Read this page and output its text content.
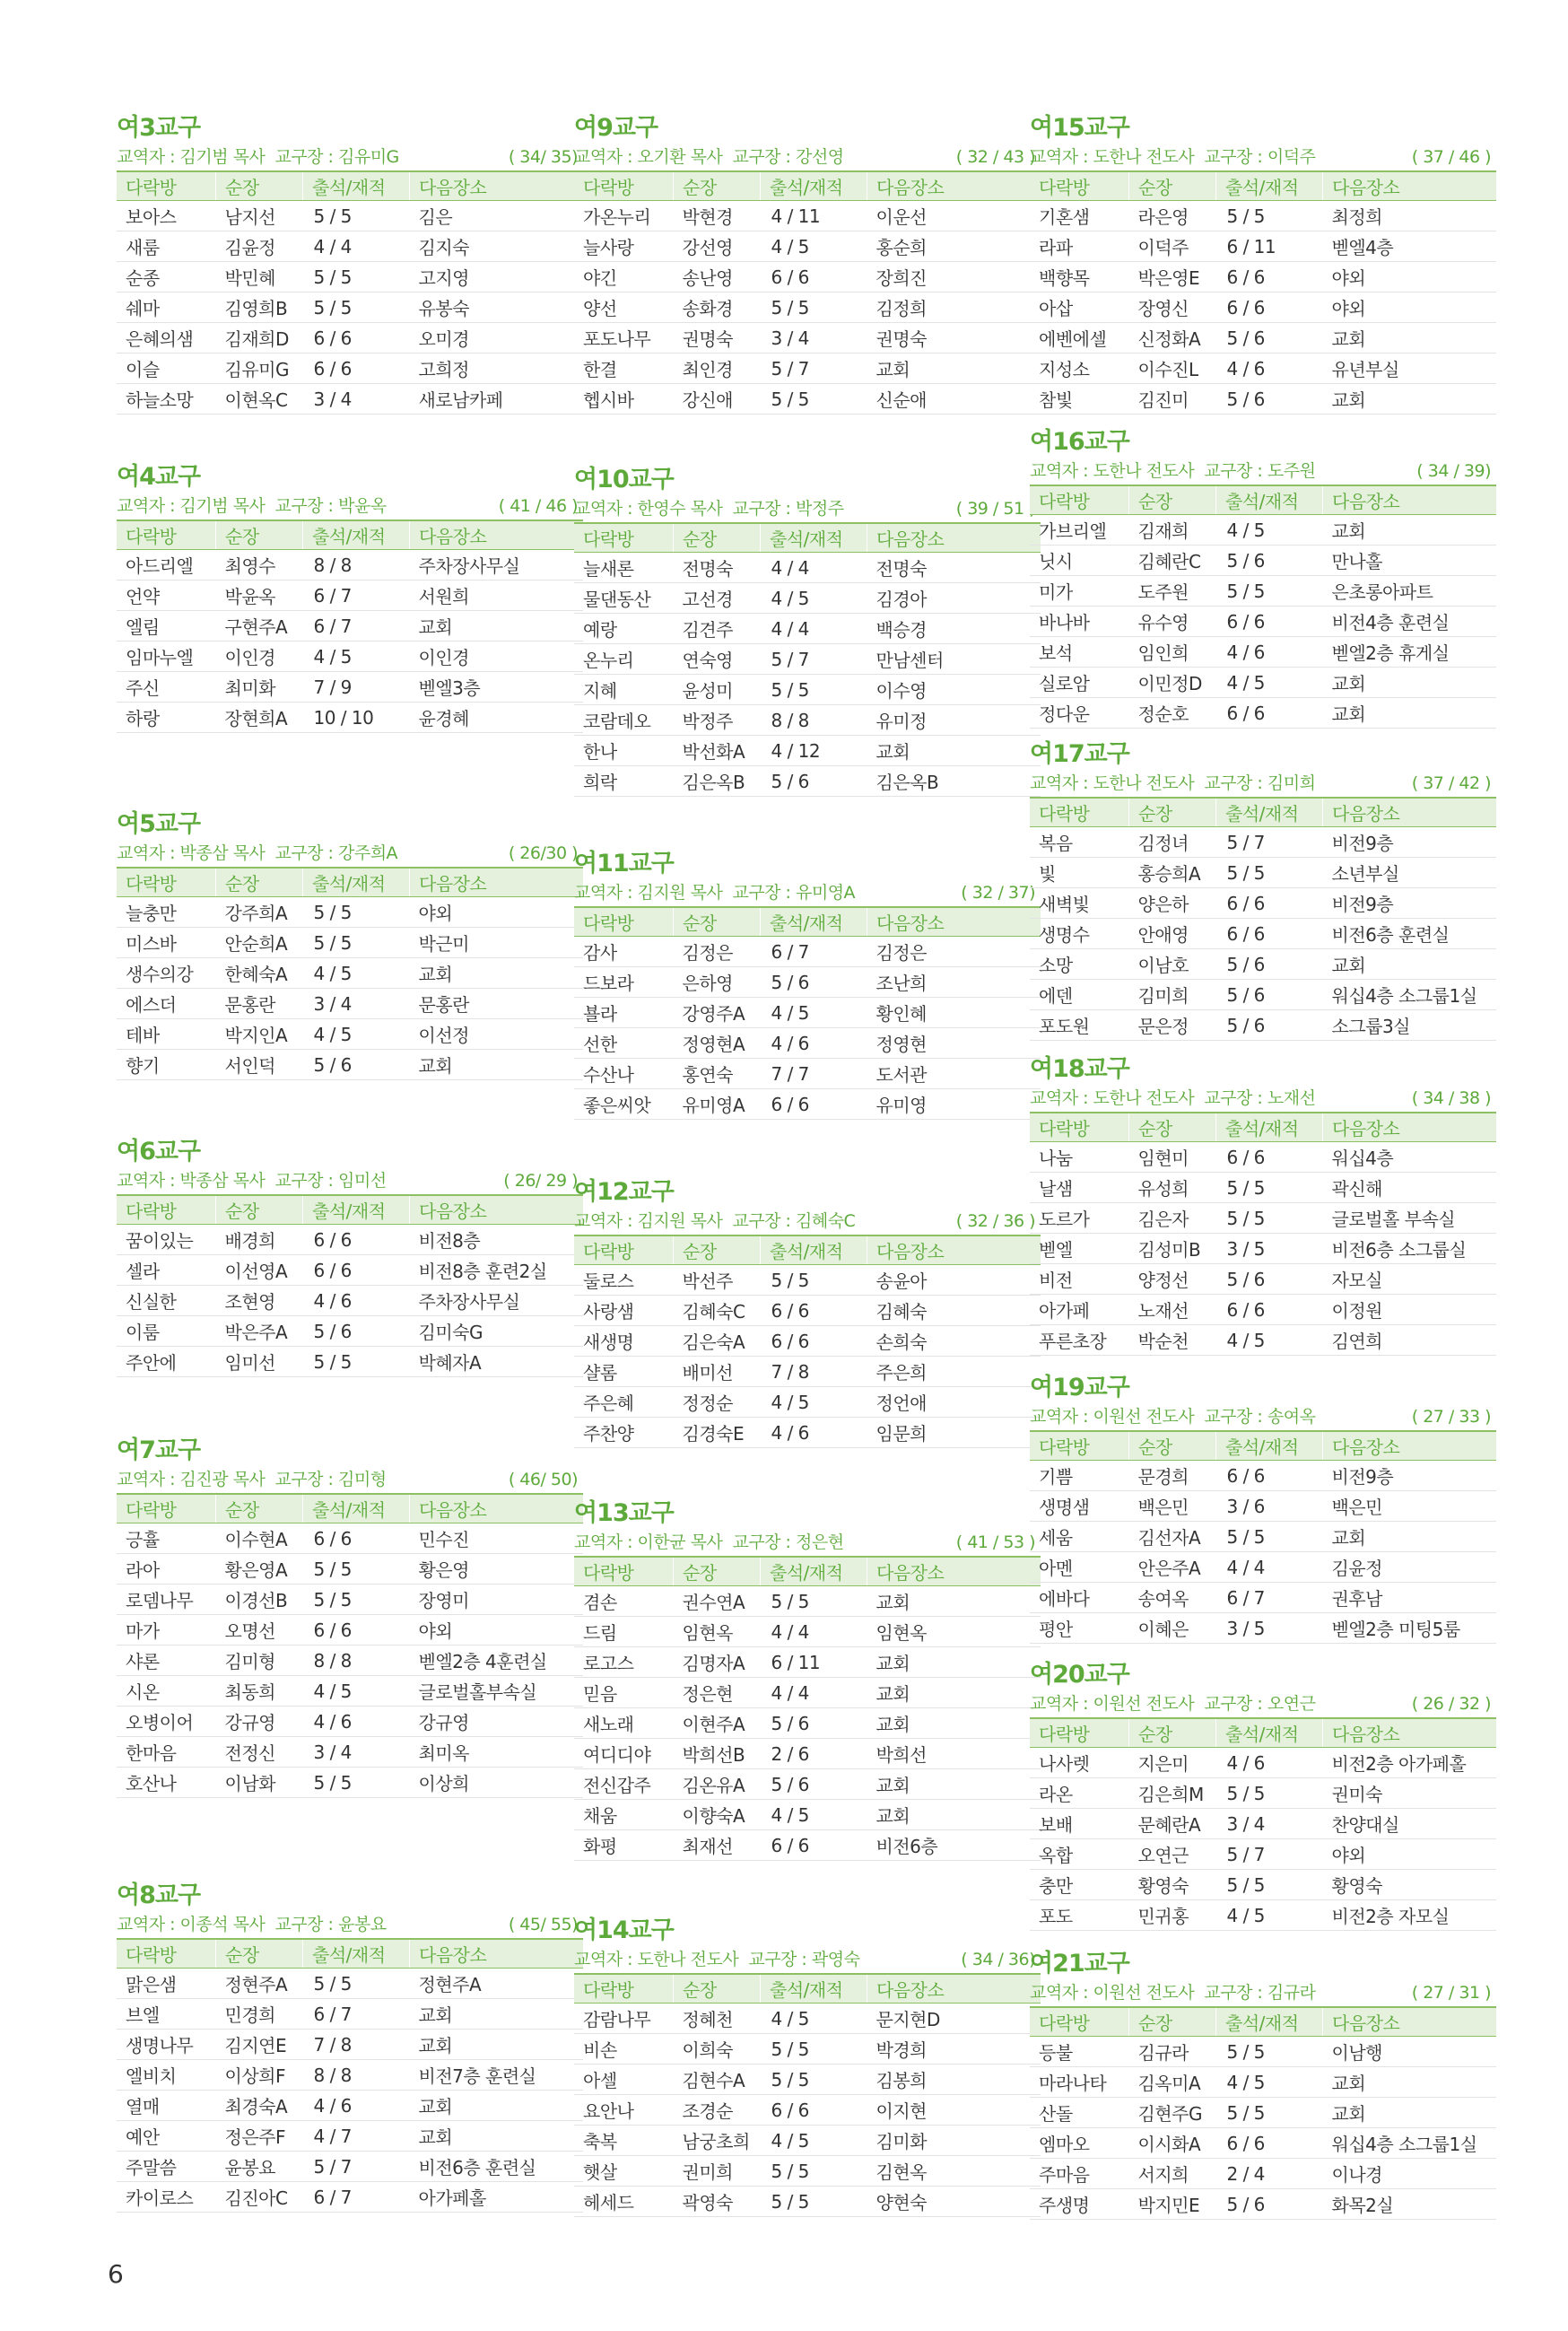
여3교구
교역자 : 김기범 목사 교구장 : 김유미G	( 34/ 35)
다락방	순장	출석/재적	다음장소
보아스	남지선	5 / 5	김은
새룸	김윤정	4 / 4	김지숙
순종	박민혜	5 / 5	고지영
쉐마	김영희B	5 / 5	유봉숙
은혜의샘	김재희D	6 / 6	오미경
이슬	김유미G	6 / 6	고희정
하늘소망	이현옥C	3 / 4	새로남카페
여4교구
교역자 : 김기범 목사 교구장 : 박윤옥	( 41 / 46 )
다락방	순장	출석/재적	다음장소
아드리엘	최영수	8 / 8	주차장사무실
언약	박윤옥	6 / 7	서원희
엘림	구현주A	6 / 7	교회
임마누엘	이인경	4 / 5	이인경
주신	최미화	7 / 9	벧엘3층
하랑	장현희A	10 / 10	윤경혜
여5교구
교역자 : 박종삼 목사 교구장 : 강주희A	( 26/30 )
다락방	순장	출석/재적	다음장소
늘충만	강주희A	5 / 5	야외
미스바	안순희A	5 / 5	박근미
생수의강	한혜숙A	4 / 5	교회
에스더	문홍란	3 / 4	문홍란
테바	박지인A	4 / 5	이선정
향기	서인덕	5 / 6	교회
여6교구
교역자 : 박종삼 목사 교구장 : 임미선	( 26/ 29 )
다락방	순장	출석/재적	다음장소
꿈이있는	배경희	6 / 6	비전8층
셀라	이선영A	6 / 6	비전8층 훈련2실
신실한	조현영	4 / 6	주차장사무실
이룸	박은주A	5 / 6	김미숙G
주안에	임미선	5 / 5	박혜자A
여7교구
교역자 : 김진광 목사 교구장 : 김미형	( 46/ 50)
다락방	순장	출석/재적	다음장소
긍휼	이수현A	6 / 6	민수진
라아	황은영A	5 / 5	황은영
로뎀나무	이경선B	5 / 5	장영미
마가	오명선	6 / 6	야외
샤론	김미형	8 / 8	벧엘2층 4훈련실
시온	최동희	4 / 5	글로벌홀부속실
오병이어	강규영	4 / 6	강규영
한마음	전정신	3 / 4	최미옥
호산나	이남화	5 / 5	이상희
여8교구
교역자 : 이종석 목사 교구장 : 윤봉요	( 45/ 55)
다락방	순장	출석/재적	다음장소
맑은샘	정현주A	5 / 5	정현주A
브엘	민경희	6 / 7	교회
생명나무	김지연E	7 / 8	교회
엘비치	이상희F	8 / 8	비전7층 훈련실
열매	최경숙A	4 / 6	교회
예안	정은주F	4 / 7	교회
주말씀	윤봉요	5 / 7	비전6층 훈련실
카이로스	김진아C	6 / 7	아가페홀
여9교구
교역자 : 오기환 목사 교구장 : 강선영	( 32 / 43 )
다락방	순장	출석/재적	다음장소
가온누리	박현경	4 / 11	이운선
늘사랑	강선영	4 / 5	홍순희
야긴	송난영	6 / 6	장희진
양선	송화경	5 / 5	김정희
포도나무	권명숙	3 / 4	권명숙
한결	최인경	5 / 7	교회
헵시바	강신애	5 / 5	신순애
여10교구
교역자 : 한영수 목사 교구장 : 박정주	( 39 / 51 )
다락방	순장	출석/재적	다음장소
늘새론	전명숙	4 / 4	전명숙
물댄동산	고선경	4 / 5	김경아
예랑	김견주	4 / 4	백승경
온누리	연숙영	5 / 7	만남센터
지혜	윤성미	5 / 5	이수영
코람데오	박정주	8 / 8	유미정
한나	박선화A	4 / 12	교회
희락	김은옥B	5 / 6	김은옥B
여11교구
교역자 : 김지원 목사 교구장 : 유미영A	( 32 / 37)
다락방	순장	출석/재적	다음장소
감사	김정은	6 / 7	김정은
드보라	은하영	5 / 6	조난희
뵬라	강영주A	4 / 5	황인혜
선한	정영현A	4 / 6	정영현
수산나	홍연숙	7 / 7	도서관
좋은씨앗	유미영A	6 / 6	유미영
여12교구
교역자 : 김지원 목사 교구장 : 김혜숙C	( 32 / 36 )
다락방	순장	출석/재적	다음장소
둘로스	박선주	5 / 5	송윤아
사랑샘	김혜숙C	6 / 6	김혜숙
새생명	김은숙A	6 / 6	손희숙
샬롬	배미선	7 / 8	주은희
주은혜	정정순	4 / 5	정언애
주찬양	김경숙E	4 / 6	임문희
여13교구
교역자 : 이한균 목사 교구장 : 정은현	( 41 / 53 )
다락방	순장	출석/재적	다음장소
겸손	권수연A	5 / 5	교회
드림	임현옥	4 / 4	임현옥
로고스	김명자A	6 / 11	교회
믿음	정은현	4 / 4	교회
새노래	이현주A	5 / 6	교회
여디디야	박희선B	2 / 6	박희선
전신갑주	김온유A	5 / 6	교회
채움	이향숙A	4 / 5	교회
화평	최재선	6 / 6	비전6층
여14교구
교역자 : 도한나 전도사 교구장 : 곽영숙	( 34 / 36)
다락방	순장	출석/재적	다음장소
감람나무	정혜천	4 / 5	문지현D
비손	이희숙	5 / 5	박경희
아셀	김현수A	5 / 5	김봉희
요안나	조경순	6 / 6	이지현
축복	남궁초희	4 / 5	김미화
햇살	권미희	5 / 5	김현옥
헤세드	곽영숙	5 / 5	양현숙
여15교구
교역자 : 도한나 전도사 교구장 : 이덕주	( 37 / 46 )
다락방	순장	출석/재적	다음장소
기혼샘	라은영	5 / 5	최정희
라파	이덕주	6 / 11	벧엘4층
백향목	박은영E	6 / 6	야외
아삽	장영신	6 / 6	야외
에벤에셀	신정화A	5 / 6	교회
지성소	이수진L	4 / 6	유년부실
참빛	김진미	5 / 6	교회
여16교구
교역자 : 도한나 전도사 교구장 : 도주원	( 34 / 39)
다락방	순장	출석/재적	다음장소
가브리엘	김재희	4 / 5	교회
닛시	김혜란C	5 / 6	만나홀
미가	도주원	5 / 5	은초롱아파트
바나바	유수영	6 / 6	비전4층 훈련실
보석	임인희	4 / 6	벧엘2층 휴게실
실로암	이민정D	4 / 5	교회
정다운	정순호	6 / 6	교회
여17교구
교역자 : 도한나 전도사 교구장 : 김미희	( 37 / 42 )
다락방	순장	출석/재적	다음장소
복음	김정녀	5 / 7	비전9층
빛	홍승희A	5 / 5	소년부실
새벽빛	양은하	6 / 6	비전9층
생명수	안애영	6 / 6	비전6층 훈련실
소망	이남호	5 / 6	교회
에덴	김미희	5 / 6	워십4층 소그룹1실
포도원	문은정	5 / 6	소그룹3실
여18교구
교역자 : 도한나 전도사 교구장 : 노재선	( 34 / 38 )
다락방	순장	출석/재적	다음장소
나눔	임현미	6 / 6	워십4층
날샘	유성희	5 / 5	곽신해
도르가	김은자	5 / 5	글로벌홀 부속실
벧엘	김성미B	3 / 5	비전6층 소그룹실
비전	양정선	5 / 6	자모실
아가페	노재선	6 / 6	이정원
푸른초장	박순천	4 / 5	김연희
여19교구
교역자 : 이원선 전도사 교구장 : 송여옥	( 27 / 33 )
다락방	순장	출석/재적	다음장소
기쁨	문경희	6 / 6	비전9층
생명샘	백은민	3 / 6	백은민
세움	김선자A	5 / 5	교회
아멘	안은주A	4 / 4	김윤정
에바다	송여옥	6 / 7	권후남
평안	이혜은	3 / 5	벧엘2층 미팅5룸
여20교구
교역자 : 이원선 전도사 교구장 : 오연근	( 26 / 32 )
다락방	순장	출석/재적	다음장소
나사렛	지은미	4 / 6	비전2층 아가페홀
라온	김은희M	5 / 5	권미숙
보배	문혜란A	3 / 4	찬양대실
옥합	오연근	5 / 7	야외
충만	황영숙	5 / 5	황영숙
포도	민귀홍	4 / 5	비전2층 자모실
여21교구
교역자 : 이원선 전도사 교구장 : 김규라	( 27 / 31 )
다락방	순장	출석/재적	다음장소
등불	김규라	5 / 5	이남행
마라나타	김옥미A	4 / 5	교회
산돌	김현주G	5 / 5	교회
엠마오	이시화A	6 / 6	워십4층 소그룹1실
주마음	서지희	2 / 4	이나경
주생명	박지민E	5 / 6	화목2실
6
